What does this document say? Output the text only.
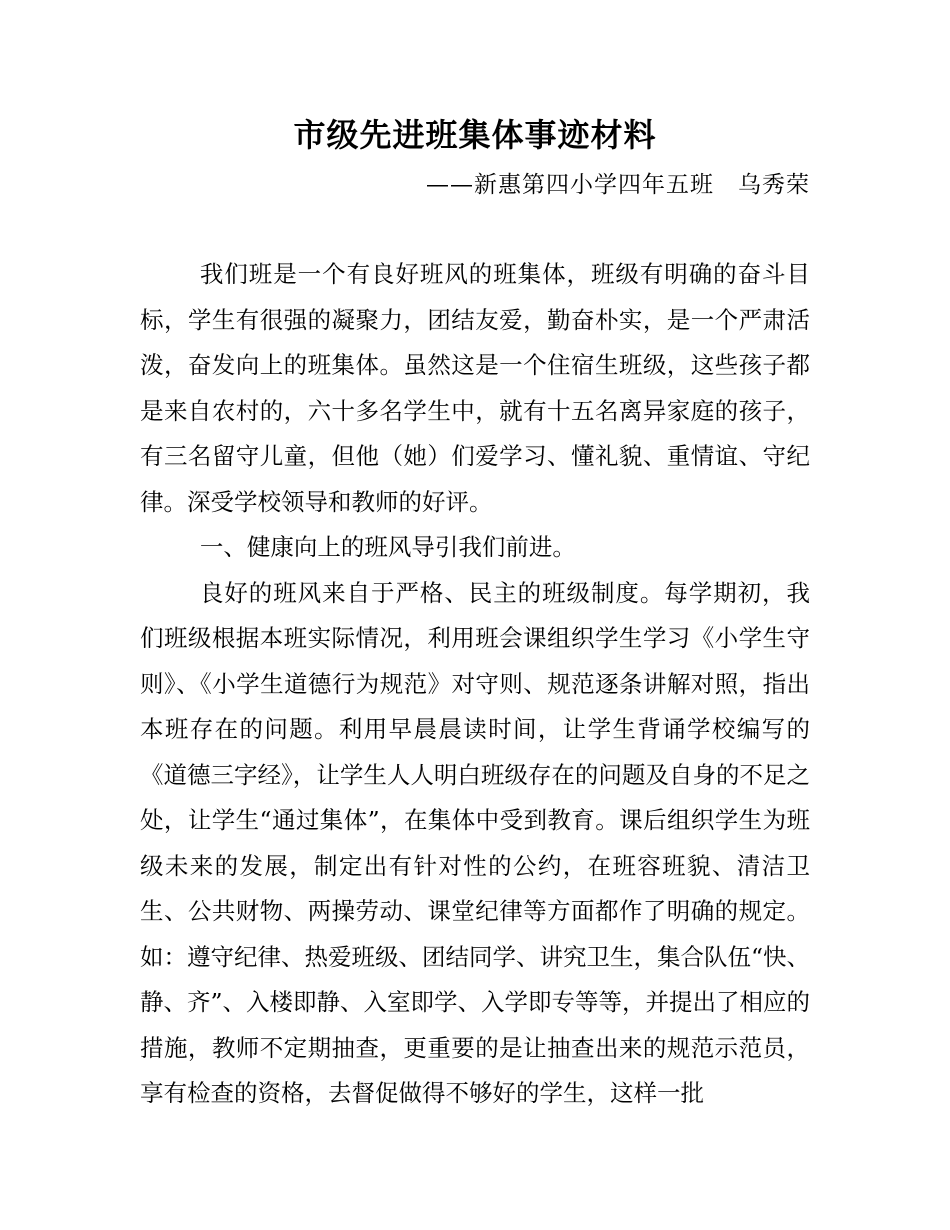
市级先进班集体事迹材料
——新惠第四小学四年五班　乌秀荣

我们班是一个有良好班风的班集体，班级有明确的奋斗目标，学生有很强的凝聚力，团结友爱，勤奋朴实，是一个严肃活泼，奋发向上的班集体。虽然这是一个住宿生班级，这些孩子都是来自农村的，六十多名学生中，就有十五名离异家庭的孩子，有三名留守儿童，但他（她）们爱学习、懂礼貌、重情谊、守纪律。深受学校领导和教师的好评。

一、健康向上的班风导引我们前进。

良好的班风来自于严格、民主的班级制度。每学期初，我们班级根据本班实际情况，利用班会课组织学生学习《小学生守则》、《小学生道德行为规范》对守则、规范逐条讲解对照，指出本班存在的问题。利用早晨晨读时间，让学生背诵学校编写的《道德三字经》，让学生人人明白班级存在的问题及自身的不足之处，让学生“通过集体”，在集体中受到教育。课后组织学生为班级未来的发展，制定出有针对性的公约，在班容班貌、清洁卫生、公共财物、两操劳动、课堂纪律等方面都作了明确的规定。如：遵守纪律、热爱班级、团结同学、讲究卫生，集合队伍“快、静、齐”、入楼即静、入室即学、入学即专等等，并提出了相应的措施，教师不定期抽查，更重要的是让抽查出来的规范示范员，享有检查的资格，去督促做得不够好的学生，这样一批
